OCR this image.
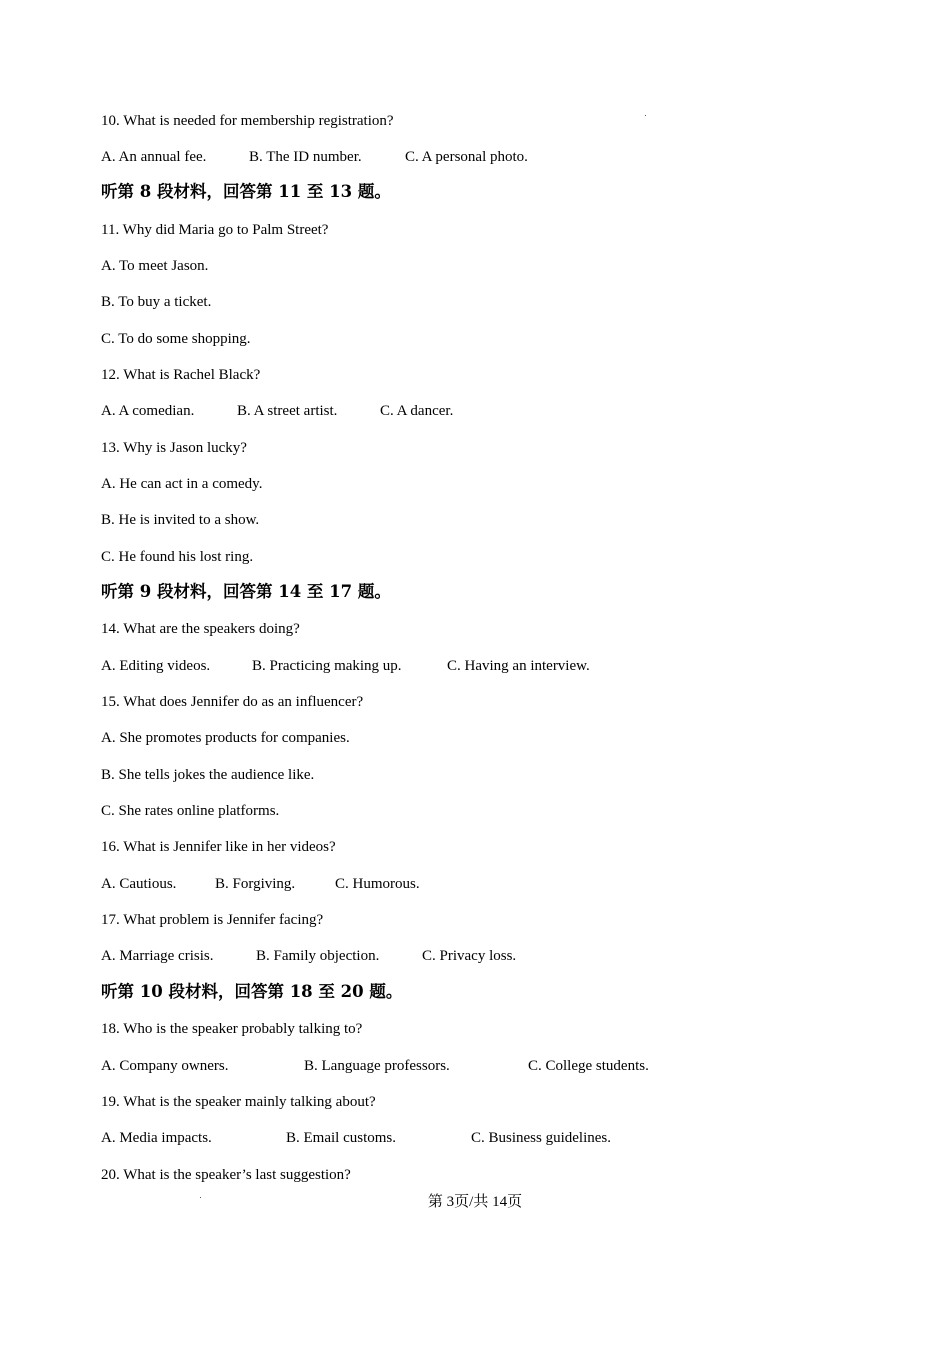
10. What is needed for membership registration?
A. An annual fee.	B. The ID number.	C. A personal photo.
听第 8 段材料，回答第 11 至 13 题。
11. Why did Maria go to Palm Street?
A. To meet Jason.
B. To buy a ticket.
C. To do some shopping.
12. What is Rachel Black?
A. A comedian.	B. A street artist.	C. A dancer.
13. Why is Jason lucky?
A. He can act in a comedy.
B. He is invited to a show.
C. He found his lost ring.
听第 9 段材料，回答第 14 至 17 题。
14. What are the speakers doing?
A. Editing videos.	B. Practicing making up.	C. Having an interview.
15. What does Jennifer do as an influencer?
A. She promotes products for companies.
B. She tells jokes the audience like.
C. She rates online platforms.
16. What is Jennifer like in her videos?
A. Cautious.	B. Forgiving.	C. Humorous.
17. What problem is Jennifer facing?
A. Marriage crisis.	B. Family objection.	C. Privacy loss.
听第 10 段材料，回答第 18 至 20 题。
18. Who is the speaker probably talking to?
A. Company owners.	B. Language professors.	C. College students.
19. What is the speaker mainly talking about?
A. Media impacts.	B. Email customs.	C. Business guidelines.
20. What is the speaker’s last suggestion?
第 3页/共 14页
